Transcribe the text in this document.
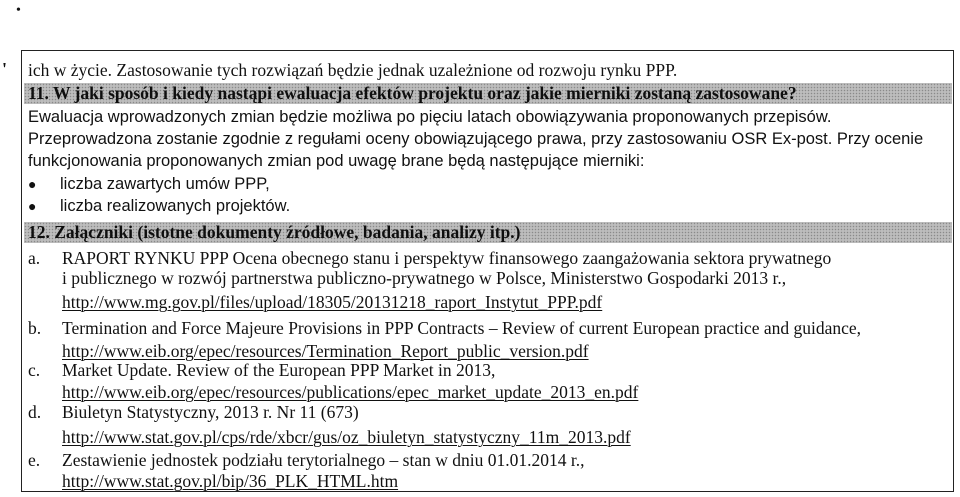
•
' ich w życie. Zastosowanie tych rozwiązań będzie jednak uzależnione od rozwoju rynku PPP.
11. W jaki sposób i kiedy nastąpi ewaluacja efektów projektu oraz jakie mierniki zostaną zastosowane?
Ewaluacja wprowadzonych zmian będzie możliwa po pięciu latach obowiązywania proponowanych przepisów.
Przeprowadzona zostanie zgodnie z regułami oceny obowiązującego prawa, przy zastosowaniu OSR Ex-post. Przy ocenie
funkcjonowania proponowanych zmian pod uwagę brane będą następujące mierniki:
● liczba zawartych umów PPP,
● liczba realizowanych projektów.
12. Załączniki (istotne dokumenty źródłowe, badania, analizy itp.)
a. RAPORT RYNKU PPP Ocena obecnego stanu i perspektyw finansowego zaangażowania sektora prywatnego
i publicznego w rozwój partnerstwa publiczno-prywatnego w Polsce, Ministerstwo Gospodarki 2013 r.,
http://www.mg.gov.pl/files/upload/18305/20131218_raport_Instytut_PPP.pdf
b. Termination and Force Majeure Provisions in PPP Contracts – Review of current European practice and guidance,
http://www.eib.org/epec/resources/Termination_Report_public_version.pdf
c. Market Update. Review of the European PPP Market in 2013,
http://www.eib.org/epec/resources/publications/epec_market_update_2013_en.pdf
d. Biuletyn Statystyczny, 2013 r. Nr 11 (673)
http://www.stat.gov.pl/cps/rde/xbcr/gus/oz_biuletyn_statystyczny_11m_2013.pdf
e. Zestawienie jednostek podziału terytorialnego – stan w dniu 01.01.2014 r.,
http://www.stat.gov.pl/bip/36_PLK_HTML.htm
